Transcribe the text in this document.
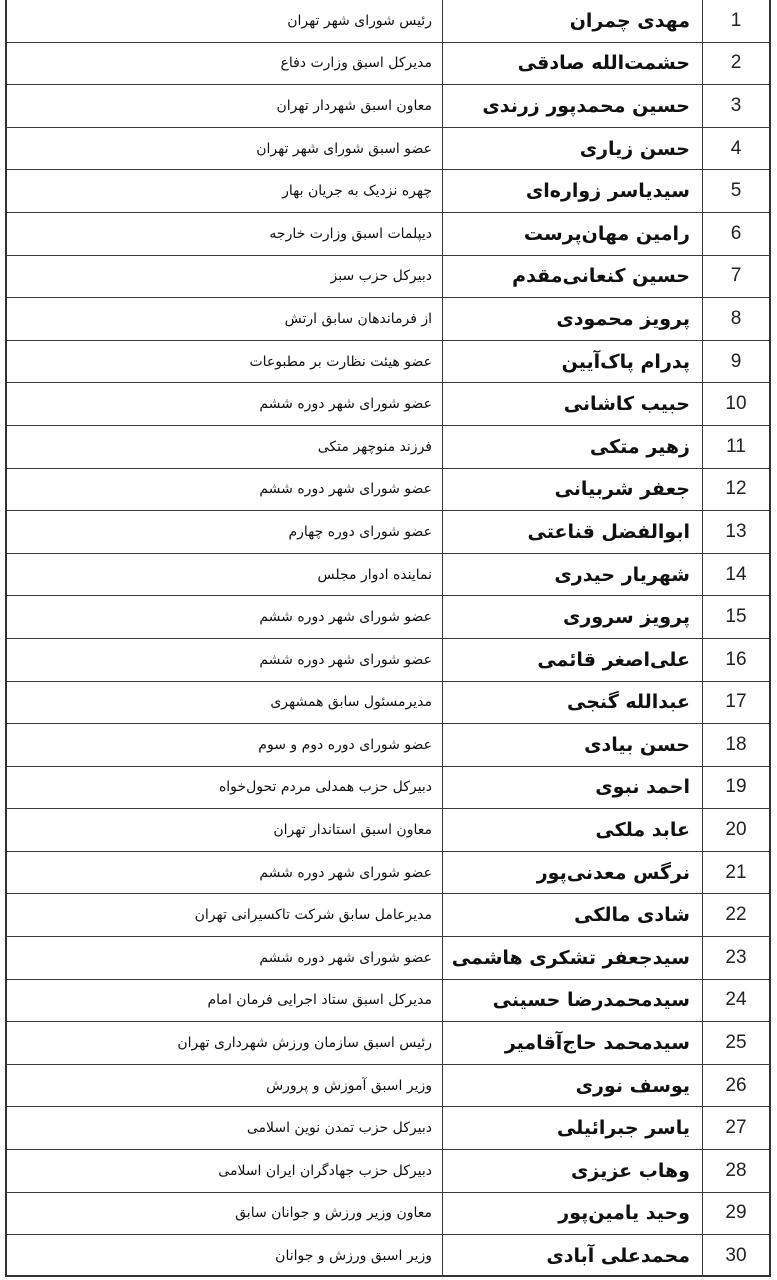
1	مهدی چمران	رئیس شورای شهر تهران
2	حشمت‌الله صادقی	مدیرکل اسبق وزارت دفاع
3	حسین محمدپور زرندی	معاون اسبق شهردار تهران
4	حسن زیاری	عضو اسبق شورای شهر تهران
5	سیدیاسر زواره‌ای	چهره نزدیک به جریان بهار
6	رامین مهان‌پرست	دیپلمات اسبق وزارت خارجه
7	حسین کنعانی‌مقدم	دبیرکل حزب سبز
8	پرویز محمودی	از فرماندهان سابق ارتش
9	پدرام پاک‌آیین	عضو هیئت نظارت بر مطبوعات
10	حبیب کاشانی	عضو شورای شهر دوره ششم
11	زهیر متکی	فرزند منوچهر متکی
12	جعفر شربیانی	عضو شورای شهر دوره ششم
13	ابوالفضل قناعتی	عضو شورای دوره چهارم
14	شهریار حیدری	نماینده ادوار مجلس
15	پرویز سروری	عضو شورای شهر دوره ششم
16	علی‌اصغر قائمی	عضو شورای شهر دوره ششم
17	عبدالله گنجی	مدیرمسئول سابق همشهری
18	حسن بیادی	عضو شورای دوره دوم و سوم
19	احمد نبوی	دبیرکل حزب همدلی مردم تحول‌خواه
20	عابد ملکی	معاون اسبق استاندار تهران
21	نرگس معدنی‌پور	عضو شورای شهر دوره ششم
22	شادی مالکی	مدیرعامل سابق شرکت تاکسیرانی تهران
23	سیدجعفر تشکری هاشمی	عضو شورای شهر دوره ششم
24	سیدمحمدرضا حسینی	مدیرکل اسبق ستاد اجرایی فرمان امام
25	سیدمحمد حاج‌آقامیر	رئیس اسبق سازمان ورزش شهرداری تهران
26	یوسف نوری	وزیر اسبق آموزش و پرورش
27	یاسر جبرائیلی	دبیرکل حزب تمدن نوین اسلامی
28	وهاب عزیزی	دبیرکل حزب جهادگران ایران اسلامی
29	وحید یامین‌پور	معاون وزیر ورزش و جوانان سابق
30	محمدعلی آبادی	وزیر اسبق ورزش و جوانان
